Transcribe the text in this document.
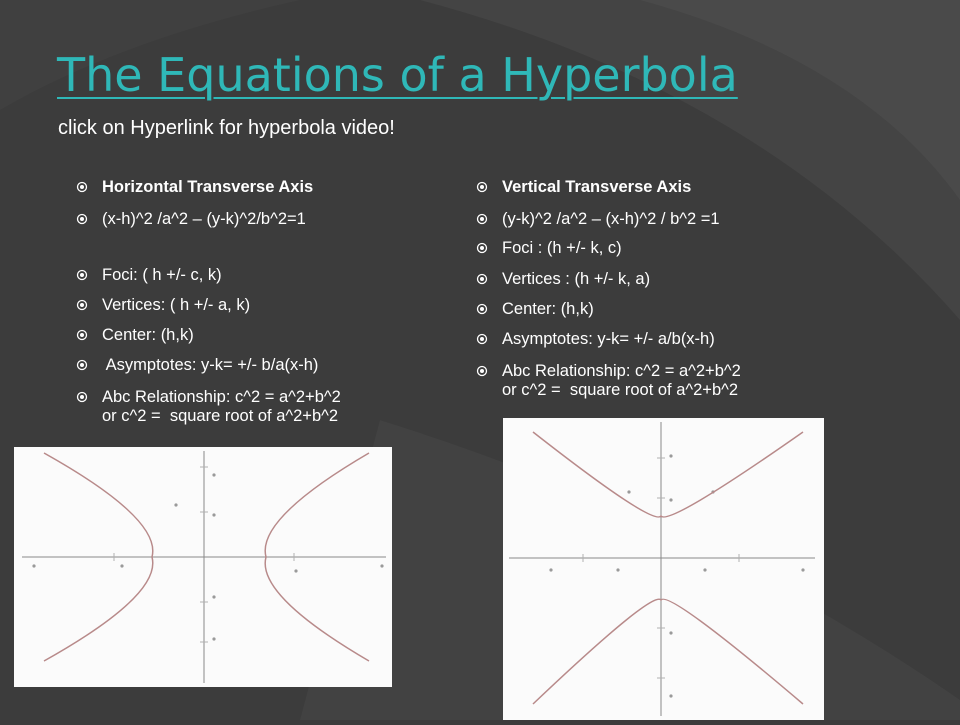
The Equations of a Hyperbola
click on Hyperlink for hyperbola video!
Horizontal Transverse Axis
(x-h)^2 /a^2 – (y-k)^2/b^2=1
Foci: ( h +/- c, k)
Vertices: ( h +/- a, k)
Center: (h,k)
Asymptotes: y-k= +/- b/a(x-h)
Abc Relationship: c^2 = a^2+b^2
or c^2 =  square root of a^2+b^2
Vertical Transverse Axis
(y-k)^2 /a^2 – (x-h)^2 / b^2 =1
Foci : (h +/- k, c)
Vertices : (h +/- k, a)
Center: (h,k)
Asymptotes: y-k= +/- a/b(x-h)
Abc Relationship: c^2 = a^2+b^2
or c^2 =  square root of a^2+b^2
